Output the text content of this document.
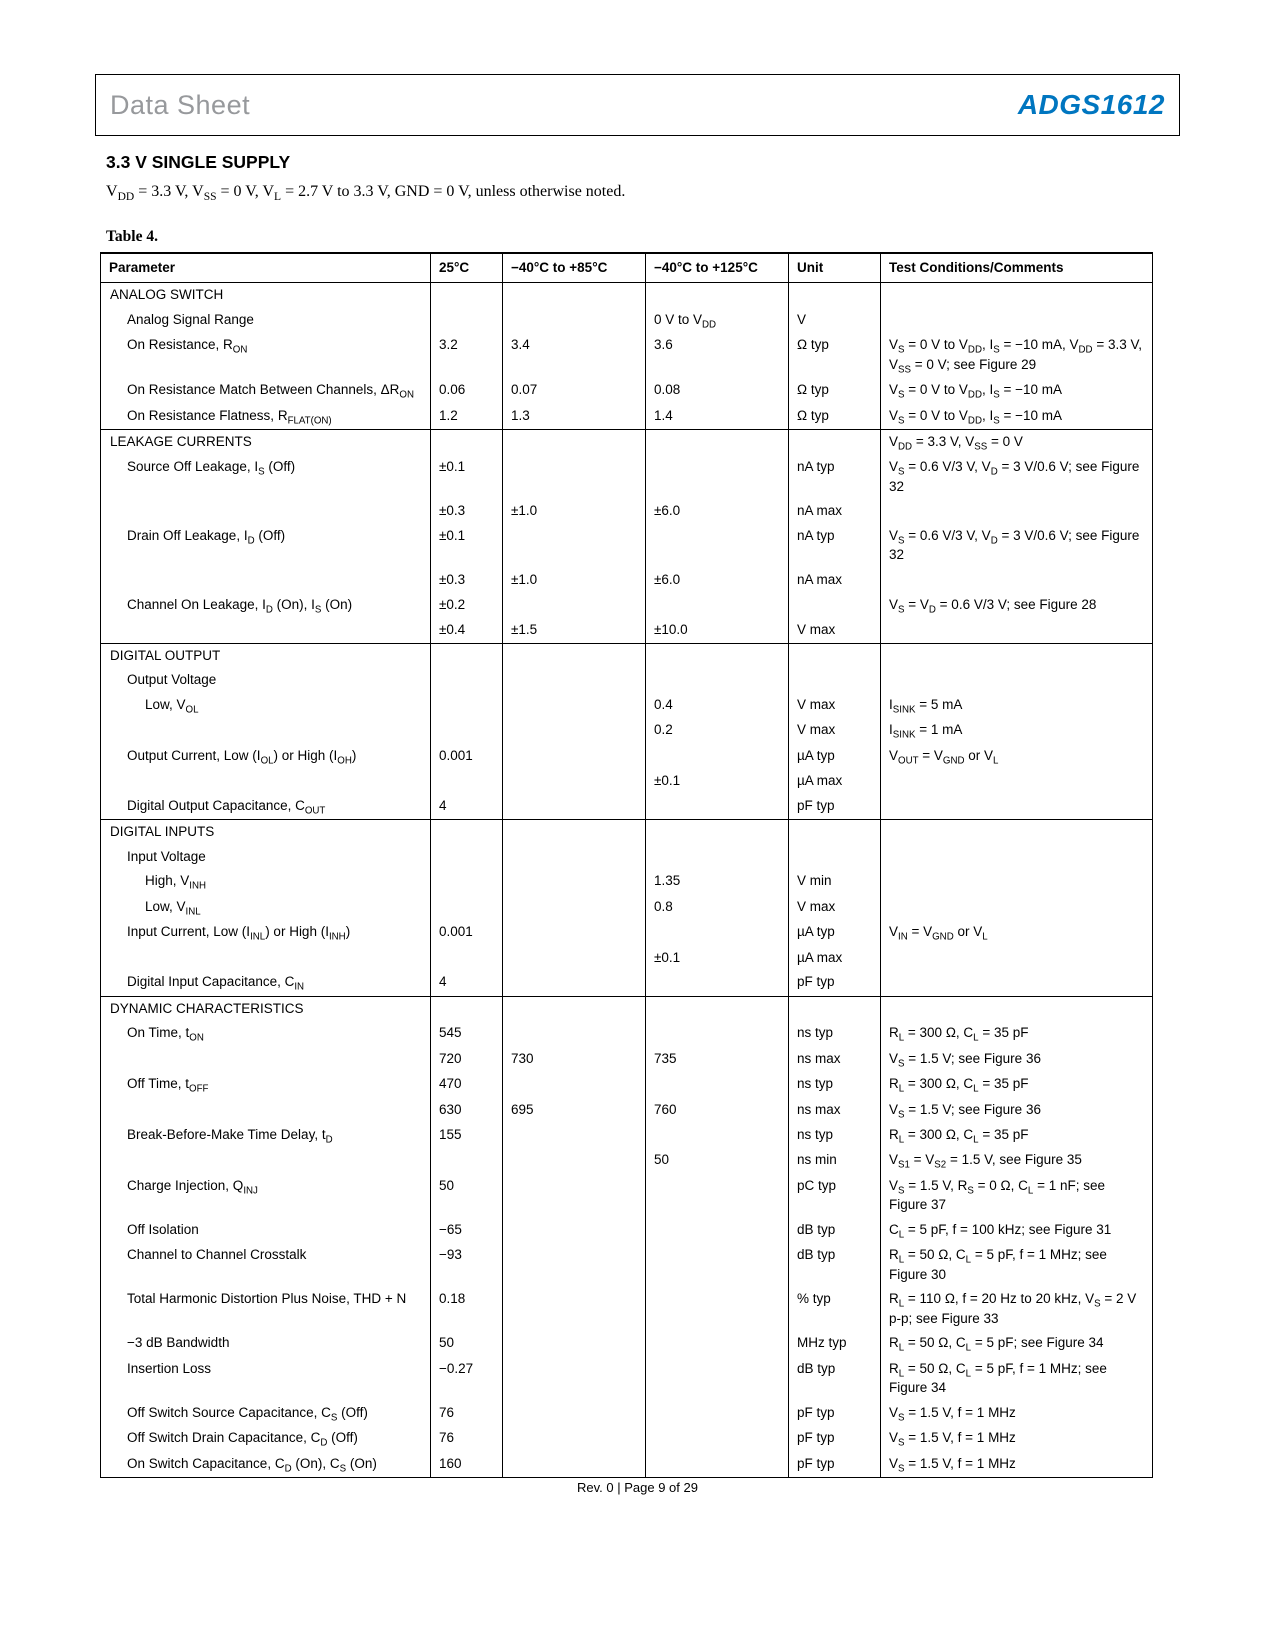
Data Sheet	ADGS1612
3.3 V SINGLE SUPPLY

$V_{DD} = 3.3$ V, $V_{SS} = 0$ V, $V_L = 2.7$ V to 3.3 V, GND = 0 V, unless otherwise noted.

Table 4.

Parameter	25°C	−40°C to +85°C	−40°C to +125°C	Unit	Test Conditions/Comments
ANALOG SWITCH					
Analog Signal Range			0 V to $V_{DD}$	V	
On Resistance, $R_{ON}$	3.2	3.4	3.6	Ω typ	$V_S = 0$ V to $V_{DD}$, $I_S = -10$ mA, $V_{DD} = 3.3$ V, $V_{SS} = 0$ V; see Figure 29
On Resistance Match Between Channels, $\Delta R_{ON}$	0.06	0.07	0.08	Ω typ	$V_S = 0$ V to $V_{DD}$, $I_S = -10$ mA
On Resistance Flatness, $R_{FLAT(ON)}$	1.2	1.3	1.4	Ω typ	$V_S = 0$ V to $V_{DD}$, $I_S = -10$ mA
LEAKAGE CURRENTS					$V_{DD} = 3.3$ V, $V_{SS} = 0$ V
Source Off Leakage, $I_S$ (Off)	±0.1			nA typ	$V_S = 0.6$ V/3 V, $V_D = 3$ V/0.6 V; see Figure 32
	±0.3	±1.0	±6.0	nA max	
Drain Off Leakage, $I_D$ (Off)	±0.1			nA typ	$V_S = 0.6$ V/3 V, $V_D = 3$ V/0.6 V; see Figure 32
	±0.3	±1.0	±6.0	nA max	
Channel On Leakage, $I_D$ (On), $I_S$ (On)	±0.2				$V_S = V_D = 0.6$ V/3 V; see Figure 28
	±0.4	±1.5	±10.0	V max	
DIGITAL OUTPUT					
Output Voltage					
Low, $V_{OL}$			0.4	V max	$I_{SINK} = 5$ mA
			0.2	V max	$I_{SINK} = 1$ mA
Output Current, Low $(I_{OL})$ or High $(I_{OH})$	0.001			µA typ	$V_{OUT} = V_{GND}$ or $V_L$
			±0.1	µA max	
Digital Output Capacitance, $C_{OUT}$	4			pF typ	
DIGITAL INPUTS					
Input Voltage					
High, $V_{INH}$			1.35	V min	
Low, $V_{INL}$			0.8	V max	
Input Current, Low $(I_{INL})$ or High $(I_{INH})$	0.001			µA typ	$V_{IN} = V_{GND}$ or $V_L$
			±0.1	µA max	
Digital Input Capacitance, $C_{IN}$	4			pF typ	
DYNAMIC CHARACTERISTICS					
On Time, $t_{ON}$	545			ns typ	$R_L = 300$ Ω, $C_L = 35$ pF
	720	730	735	ns max	$V_S = 1.5$ V; see Figure 36
Off Time, $t_{OFF}$	470			ns typ	$R_L = 300$ Ω, $C_L = 35$ pF
	630	695	760	ns max	$V_S = 1.5$ V; see Figure 36
Break-Before-Make Time Delay, $t_D$	155			ns typ	$R_L = 300$ Ω, $C_L = 35$ pF
			50	ns min	$V_{S1} = V_{S2} = 1.5$ V, see Figure 35
Charge Injection, $Q_{INJ}$	50			pC typ	$V_S = 1.5$ V, $R_S = 0$ Ω, $C_L = 1$ nF; see Figure 37
Off Isolation	−65			dB typ	$C_L = 5$ pF, f = 100 kHz; see Figure 31
Channel to Channel Crosstalk	−93			dB typ	$R_L = 50$ Ω, $C_L = 5$ pF, f = 1 MHz; see Figure 30
Total Harmonic Distortion Plus Noise, THD + N	0.18			% typ	$R_L = 110$ Ω, f = 20 Hz to 20 kHz, $V_S = 2$ V p-p; see Figure 33
−3 dB Bandwidth	50			MHz typ	$R_L = 50$ Ω, $C_L = 5$ pF; see Figure 34
Insertion Loss	−0.27			dB typ	$R_L = 50$ Ω, $C_L = 5$ pF, f = 1 MHz; see Figure 34
Off Switch Source Capacitance, $C_S$ (Off)	76			pF typ	$V_S = 1.5$ V, f = 1 MHz
Off Switch Drain Capacitance, $C_D$ (Off)	76			pF typ	$V_S = 1.5$ V, f = 1 MHz
On Switch Capacitance, $C_D$ (On), $C_S$ (On)	160			pF typ	$V_S = 1.5$ V, f = 1 MHz
Rev. 0 | Page 9 of 29
